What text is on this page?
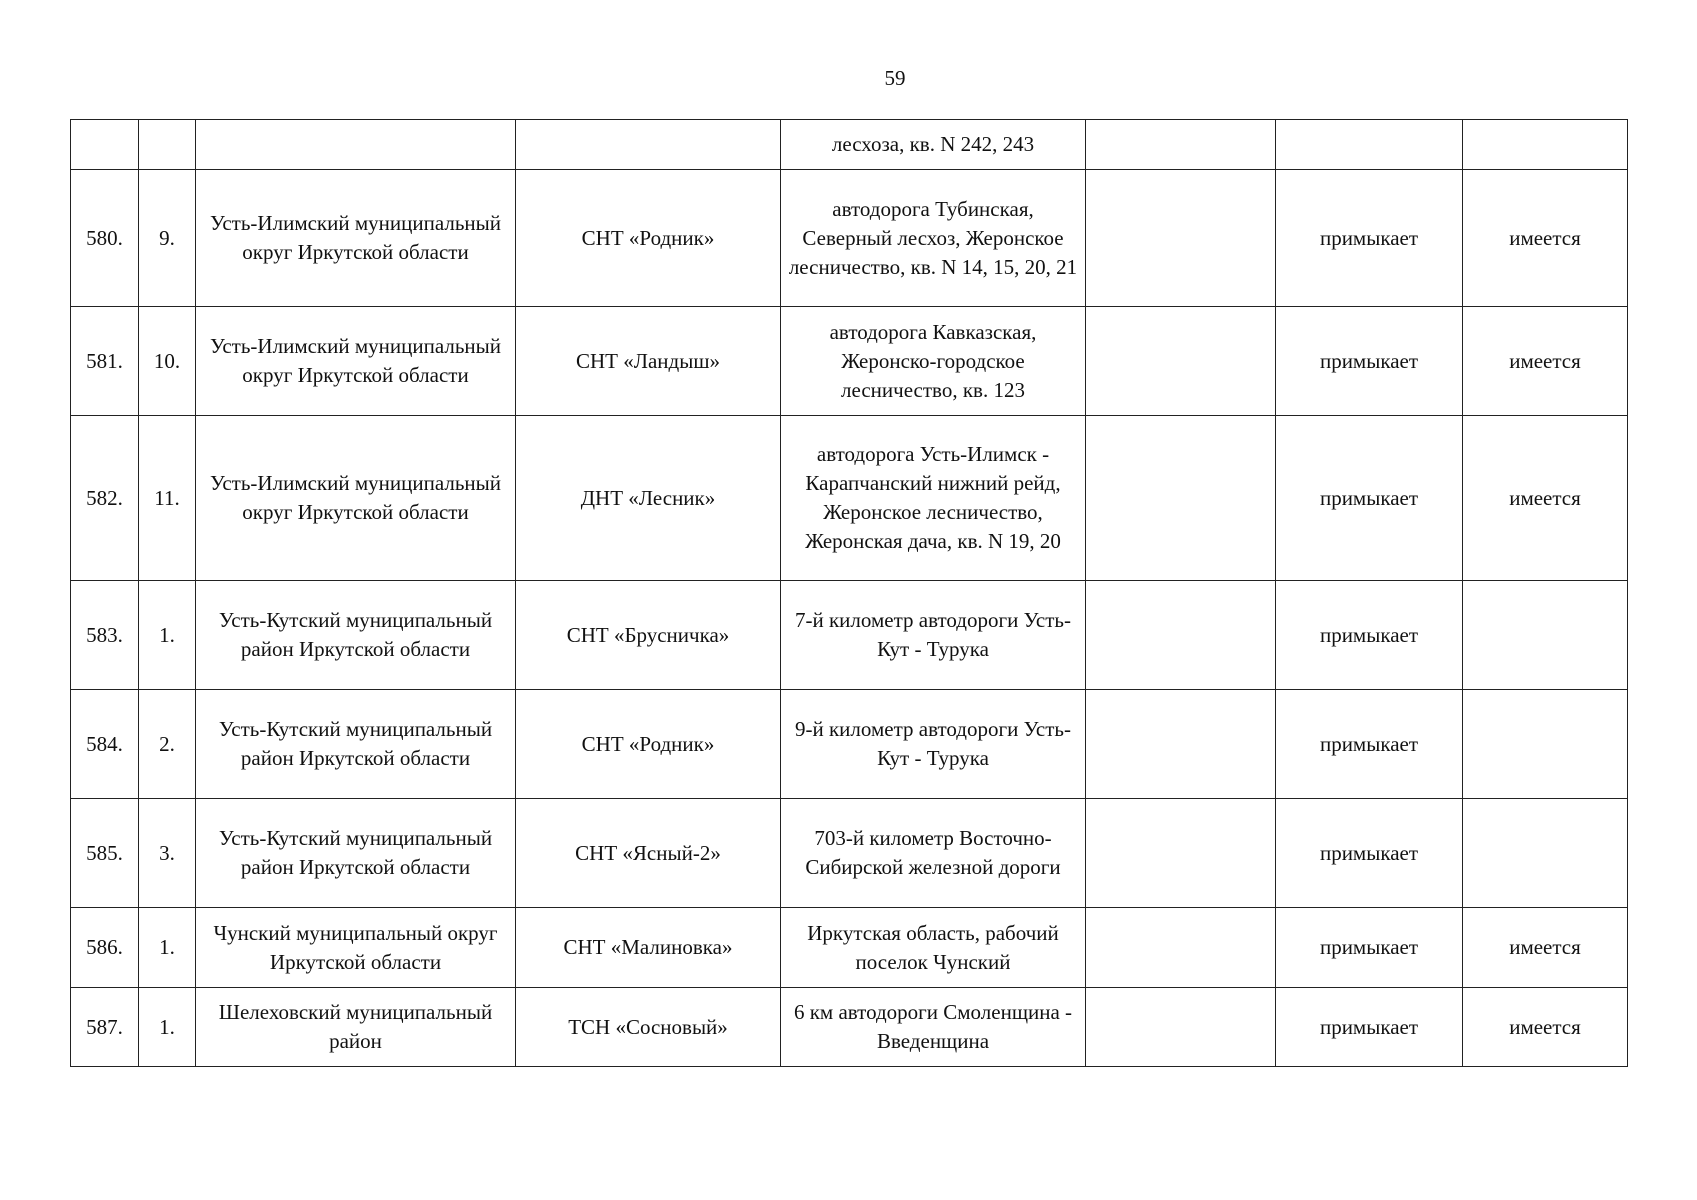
59
				лесхоза, кв. N 242, 243			
580.	9.	Усть-Илимский муниципальный округ Иркутской области	СНТ «Родник»	автодорога Тубинская, Северный лесхоз, Жеронское лесничество, кв. N 14, 15, 20, 21		примыкает	имеется
581.	10.	Усть-Илимский муниципальный округ Иркутской области	СНТ «Ландыш»	автодорога Кавказская, Жеронско-городское лесничество, кв. 123		примыкает	имеется
582.	11.	Усть-Илимский муниципальный округ Иркутской области	ДНТ «Лесник»	автодорога Усть-Илимск - Карапчанский нижний рейд, Жеронское лесничество, Жеронская дача, кв. N 19, 20		примыкает	имеется
583.	1.	Усть-Кутский муниципальный район Иркутской области	СНТ «Брусничка»	7-й километр автодороги Усть-Кут - Турука		примыкает	
584.	2.	Усть-Кутский муниципальный район Иркутской области	СНТ «Родник»	9-й километр автодороги Усть-Кут - Турука		примыкает	
585.	3.	Усть-Кутский муниципальный район Иркутской области	СНТ «Ясный-2»	703-й километр Восточно-Сибирской железной дороги		примыкает	
586.	1.	Чунский муниципальный округ Иркутской области	СНТ «Малиновка»	Иркутская область, рабочий поселок Чунский		примыкает	имеется
587.	1.	Шелеховский муниципальный район	ТСН «Сосновый»	6 км автодороги Смоленщина - Введенщина		примыкает	имеется
